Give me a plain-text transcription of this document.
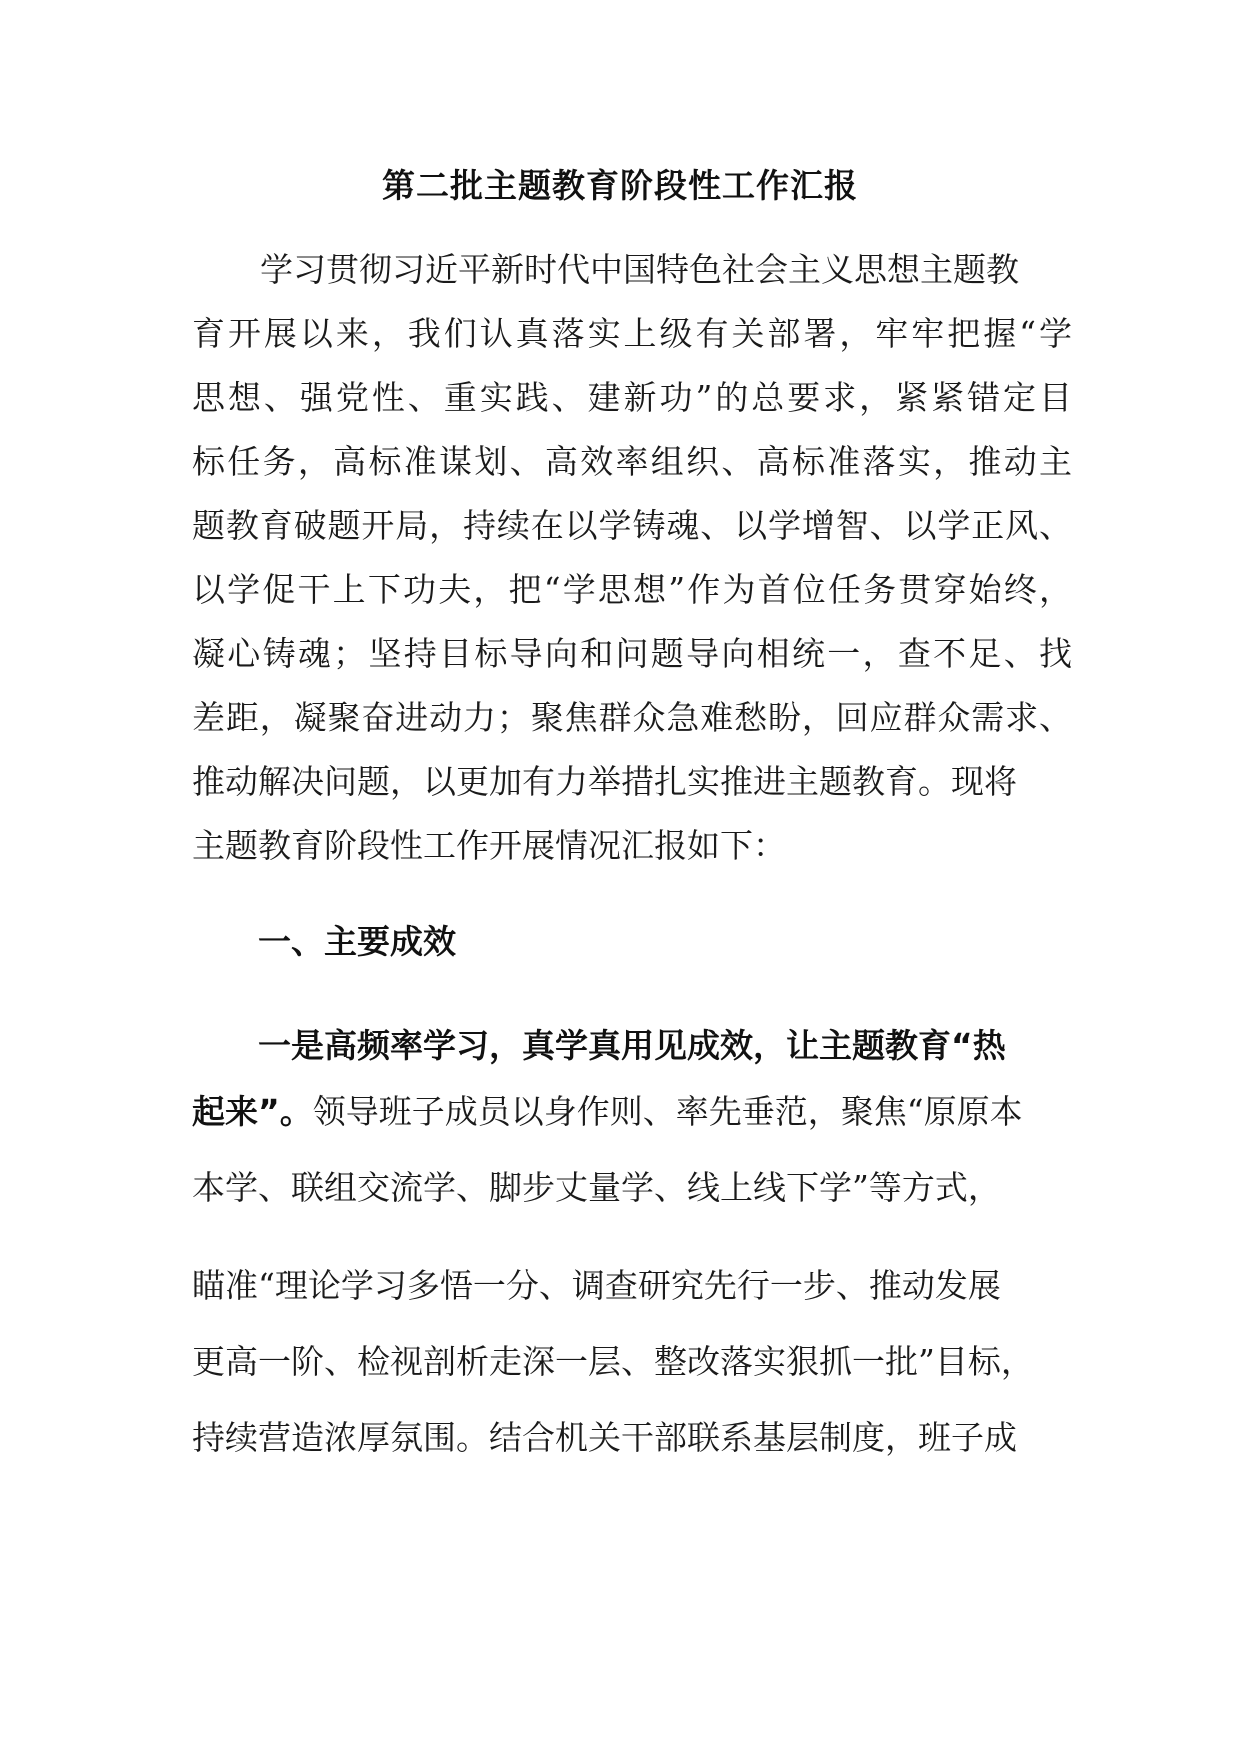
第二批主题教育阶段性工作汇报
学习贯彻习近平新时代中国特色社会主义思想主题教
育开展以来，我们认真落实上级有关部署，牢牢把握“学
思想、强党性、重实践、建新功”的总要求，紧紧错定目
标任务，高标准谋划、高效率组织、高标准落实，推动主
题教育破题开局，持续在以学铸魂、以学增智、以学正风、
以学促干上下功夫，把“学思想”作为首位任务贯穿始终，
凝心铸魂；坚持目标导向和问题导向相统一，查不足、找
差距，凝聚奋进动力；聚焦群众急难愁盼，回应群众需求、
推动解决问题，以更加有力举措扎实推进主题教育。现将
主题教育阶段性工作开展情况汇报如下：
一、主要成效
一是高频率学习，真学真用见成效，让主题教育“热
起来”。领导班子成员以身作则、率先垂范，聚焦“原原本
本学、联组交流学、脚步丈量学、线上线下学”等方式，
瞄准“理论学习多悟一分、调查研究先行一步、推动发展
更高一阶、检视剖析走深一层、整改落实狠抓一批”目标，
持续营造浓厚氛围。结合机关干部联系基层制度，班子成
